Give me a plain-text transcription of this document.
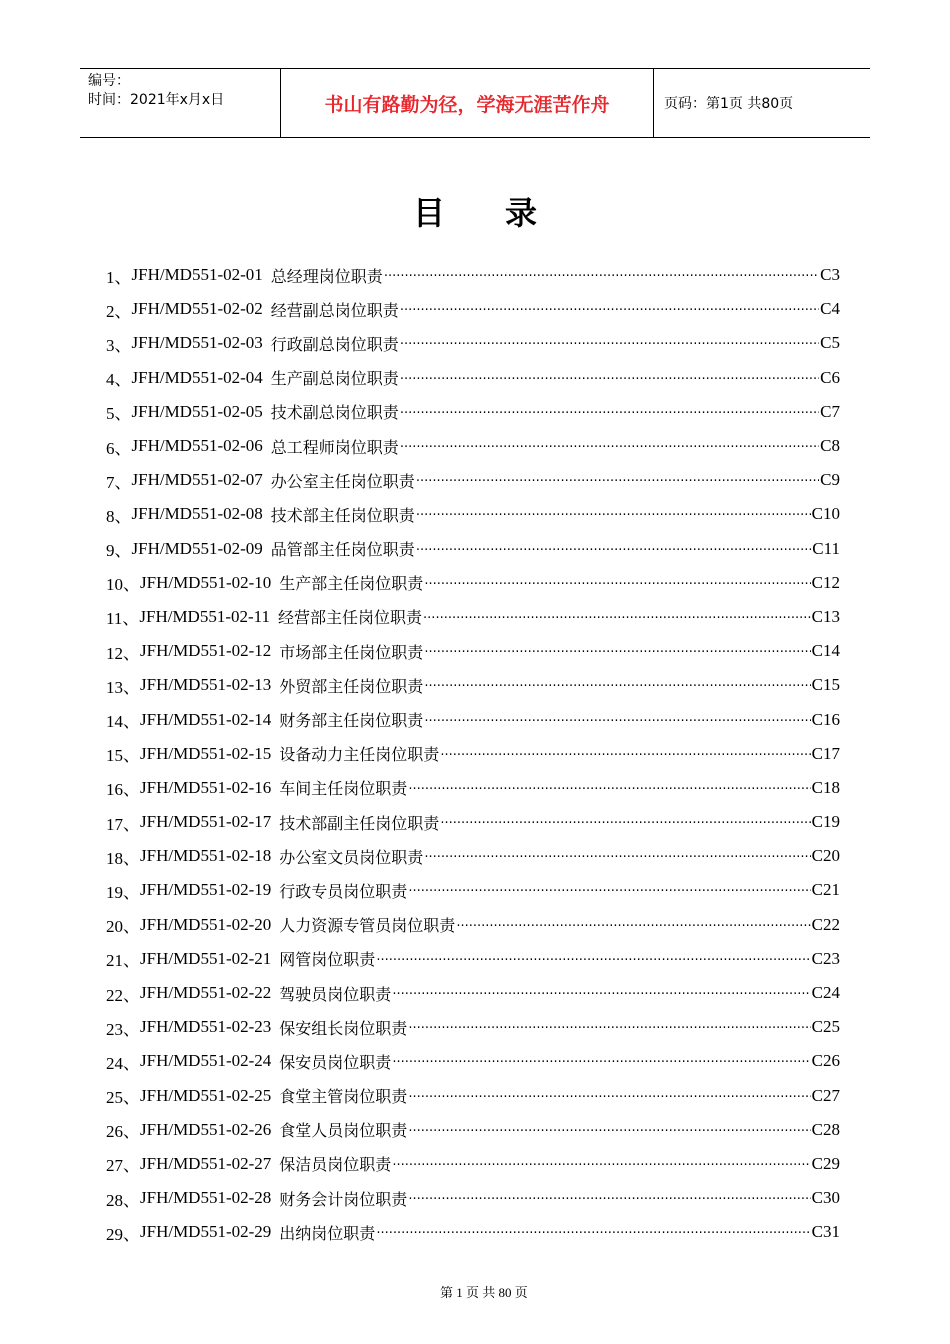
编号：
时间：2021年x月x日	书山有路勤为径，学海无涯苦作舟	页码：第1页 共80页
目录
1、 JFH/MD551-02-01 总经理岗位职责 ·····	C3
2、 JFH/MD551-02-02 经营副总岗位职责 ·····	C4
3、 JFH/MD551-02-03 行政副总岗位职责 ·····	C5
4、 JFH/MD551-02-04 生产副总岗位职责 ·····	C6
5、 JFH/MD551-02-05 技术副总岗位职责 ·····	C7
6、 JFH/MD551-02-06 总工程师岗位职责 ·····	C8
7、 JFH/MD551-02-07 办公室主任岗位职责 ·····	C9
8、 JFH/MD551-02-08 技术部主任岗位职责 ·····	C10
9、 JFH/MD551-02-09 品管部主任岗位职责 ·····	C11
10、 JFH/MD551-02-10 生产部主任岗位职责 ·····	C12
11、 JFH/MD551-02-11 经营部主任岗位职责 ·····	C13
12、 JFH/MD551-02-12 市场部主任岗位职责 ·····	C14
13、 JFH/MD551-02-13 外贸部主任岗位职责 ·····	C15
14、 JFH/MD551-02-14 财务部主任岗位职责 ·····	C16
15、 JFH/MD551-02-15 设备动力主任岗位职责 ·····	C17
16、 JFH/MD551-02-16 车间主任岗位职责 ·····	C18
17、 JFH/MD551-02-17 技术部副主任岗位职责 ·····	C19
18、 JFH/MD551-02-18 办公室文员岗位职责 ·····	C20
19、 JFH/MD551-02-19 行政专员岗位职责 ·····	C21
20、 JFH/MD551-02-20 人力资源专管员岗位职责 ·····	C22
21、 JFH/MD551-02-21 网管岗位职责 ·····	C23
22、 JFH/MD551-02-22 驾驶员岗位职责 ·····	C24
23、 JFH/MD551-02-23 保安组长岗位职责 ·····	C25
24、 JFH/MD551-02-24 保安员岗位职责 ·····	C26
25、 JFH/MD551-02-25 食堂主管岗位职责 ·····	C27
26、 JFH/MD551-02-26 食堂人员岗位职责 ·····	C28
27、 JFH/MD551-02-27 保洁员岗位职责 ·····	C29
28、 JFH/MD551-02-28 财务会计岗位职责 ·····	C30
29、 JFH/MD551-02-29 出纳岗位职责 ·····	C31
第 1 页 共 80 页
